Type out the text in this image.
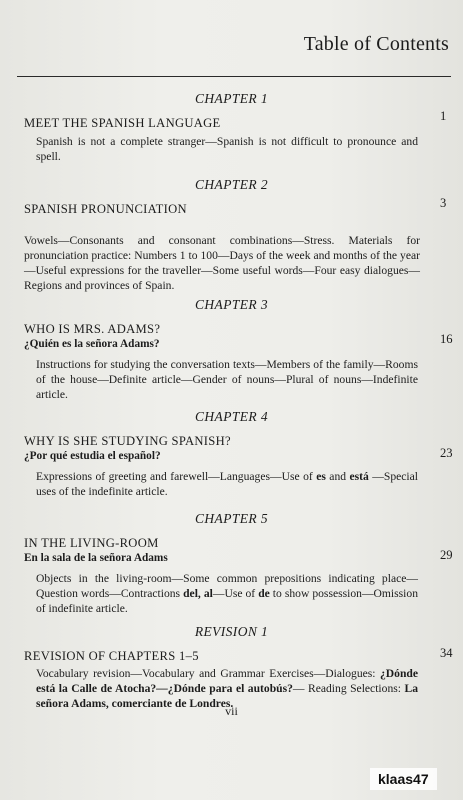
Table of Contents
CHAPTER 1
MEET THE SPANISH LANGUAGE	1
Spanish is not a complete stranger—Spanish is not difficult to pronounce and spell.
CHAPTER 2
SPANISH PRONUNCIATION	3
Vowels—Consonants and consonant combinations—Stress. Materials for pronunciation practice: Numbers 1 to 100—Days of the week and months of the year—Useful expressions for the traveller—Some useful words—Four easy dialogues—Regions and provinces of Spain.
CHAPTER 3
WHO IS MRS. ADAMS?
¿Quién es la señora Adams?	16
Instructions for studying the conversation texts—Members of the family—Rooms of the house—Definite article—Gender of nouns—Plural of nouns—Indefinite article.
CHAPTER 4
WHY IS SHE STUDYING SPANISH?
¿Por qué estudia el español?	23
Expressions of greeting and farewell—Languages—Use of es and está —Special uses of the indefinite article.
CHAPTER 5
IN THE LIVING-ROOM
En la sala de la señora Adams	29
Objects in the living-room—Some common prepositions indicating place—Question words—Contractions del, al—Use of de to show possession—Omission of indefinite article.
REVISION 1
REVISION OF CHAPTERS 1–5	34
Vocabulary revision—Vocabulary and Grammar Exercises—Dialogues: ¿Dónde está la Calle de Atocha?—¿Dónde para el autobús?— Reading Selections: La señora Adams, comerciante de Londres.
vii
klaas47
